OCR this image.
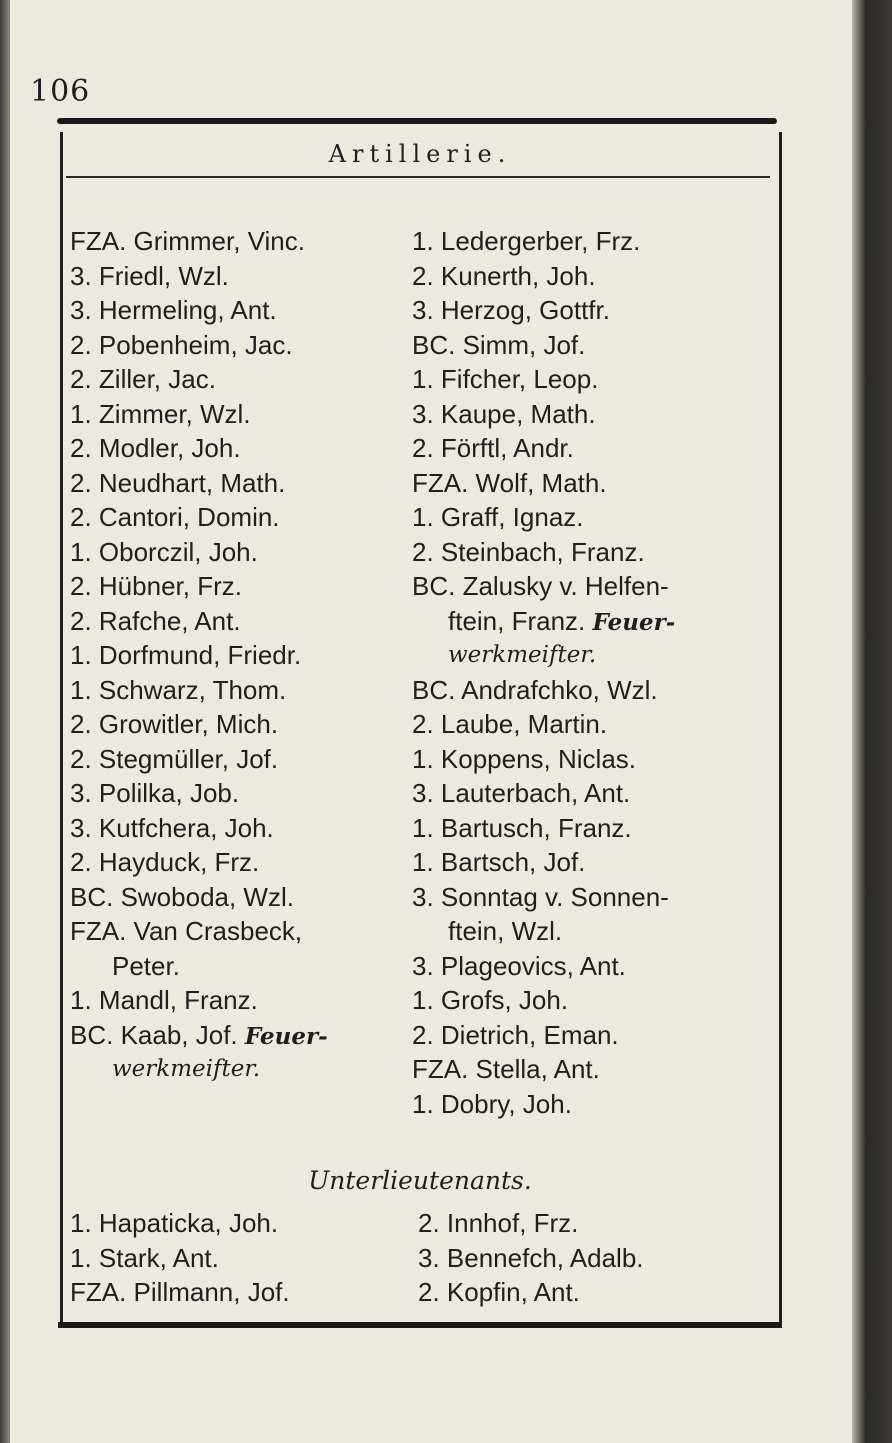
106
Artillerie.
FZA. Grimmer, Vinc.
3. Friedl, Wzl.
3. Hermeling, Ant.
2. Pobenheim, Jac.
2. Ziller, Jac.
1. Zimmer, Wzl.
2. Modler, Joh.
2. Neudhart, Math.
2. Cantori, Domin.
1. Oborczil, Joh.
2. Hübner, Frz.
2. Rafche, Ant.
1. Dorfmund, Friedr.
1. Schwarz, Thom.
2. Growitler, Mich.
2. Stegmüller, Jof.
3. Polilka, Job.
3. Kutfchera, Joh.
2. Hayduck, Frz.
BC. Swoboda, Wzl.
FZA. Van Crasbeck,
Peter.
1. Mandl, Franz.
BC. Kaab, Jof. Feuer-
werkmeifter.
1. Ledergerber, Frz.
2. Kunerth, Joh.
3. Herzog, Gottfr.
BC. Simm, Jof.
1. Fifcher, Leop.
3. Kaupe, Math.
2. Förftl, Andr.
FZA. Wolf, Math.
1. Graff, Ignaz.
2. Steinbach, Franz.
BC. Zalusky v. Helfen-
ftein, Franz. Feuer-
werkmeifter.
BC. Andrafchko, Wzl.
2. Laube, Martin.
1. Koppens, Niclas.
3. Lauterbach, Ant.
1. Bartusch, Franz.
1. Bartsch, Jof.
3. Sonntag v. Sonnen-
ftein, Wzl.
3. Plageovics, Ant.
1. Grofs, Joh.
2. Dietrich, Eman.
FZA. Stella, Ant.
1. Dobry, Joh.
Unterlieutenants.
1. Hapaticka, Joh.
1. Stark, Ant.
FZA. Pillmann, Jof.
2. Innhof, Frz.
3. Bennefch, Adalb.
2. Kopfin, Ant.
